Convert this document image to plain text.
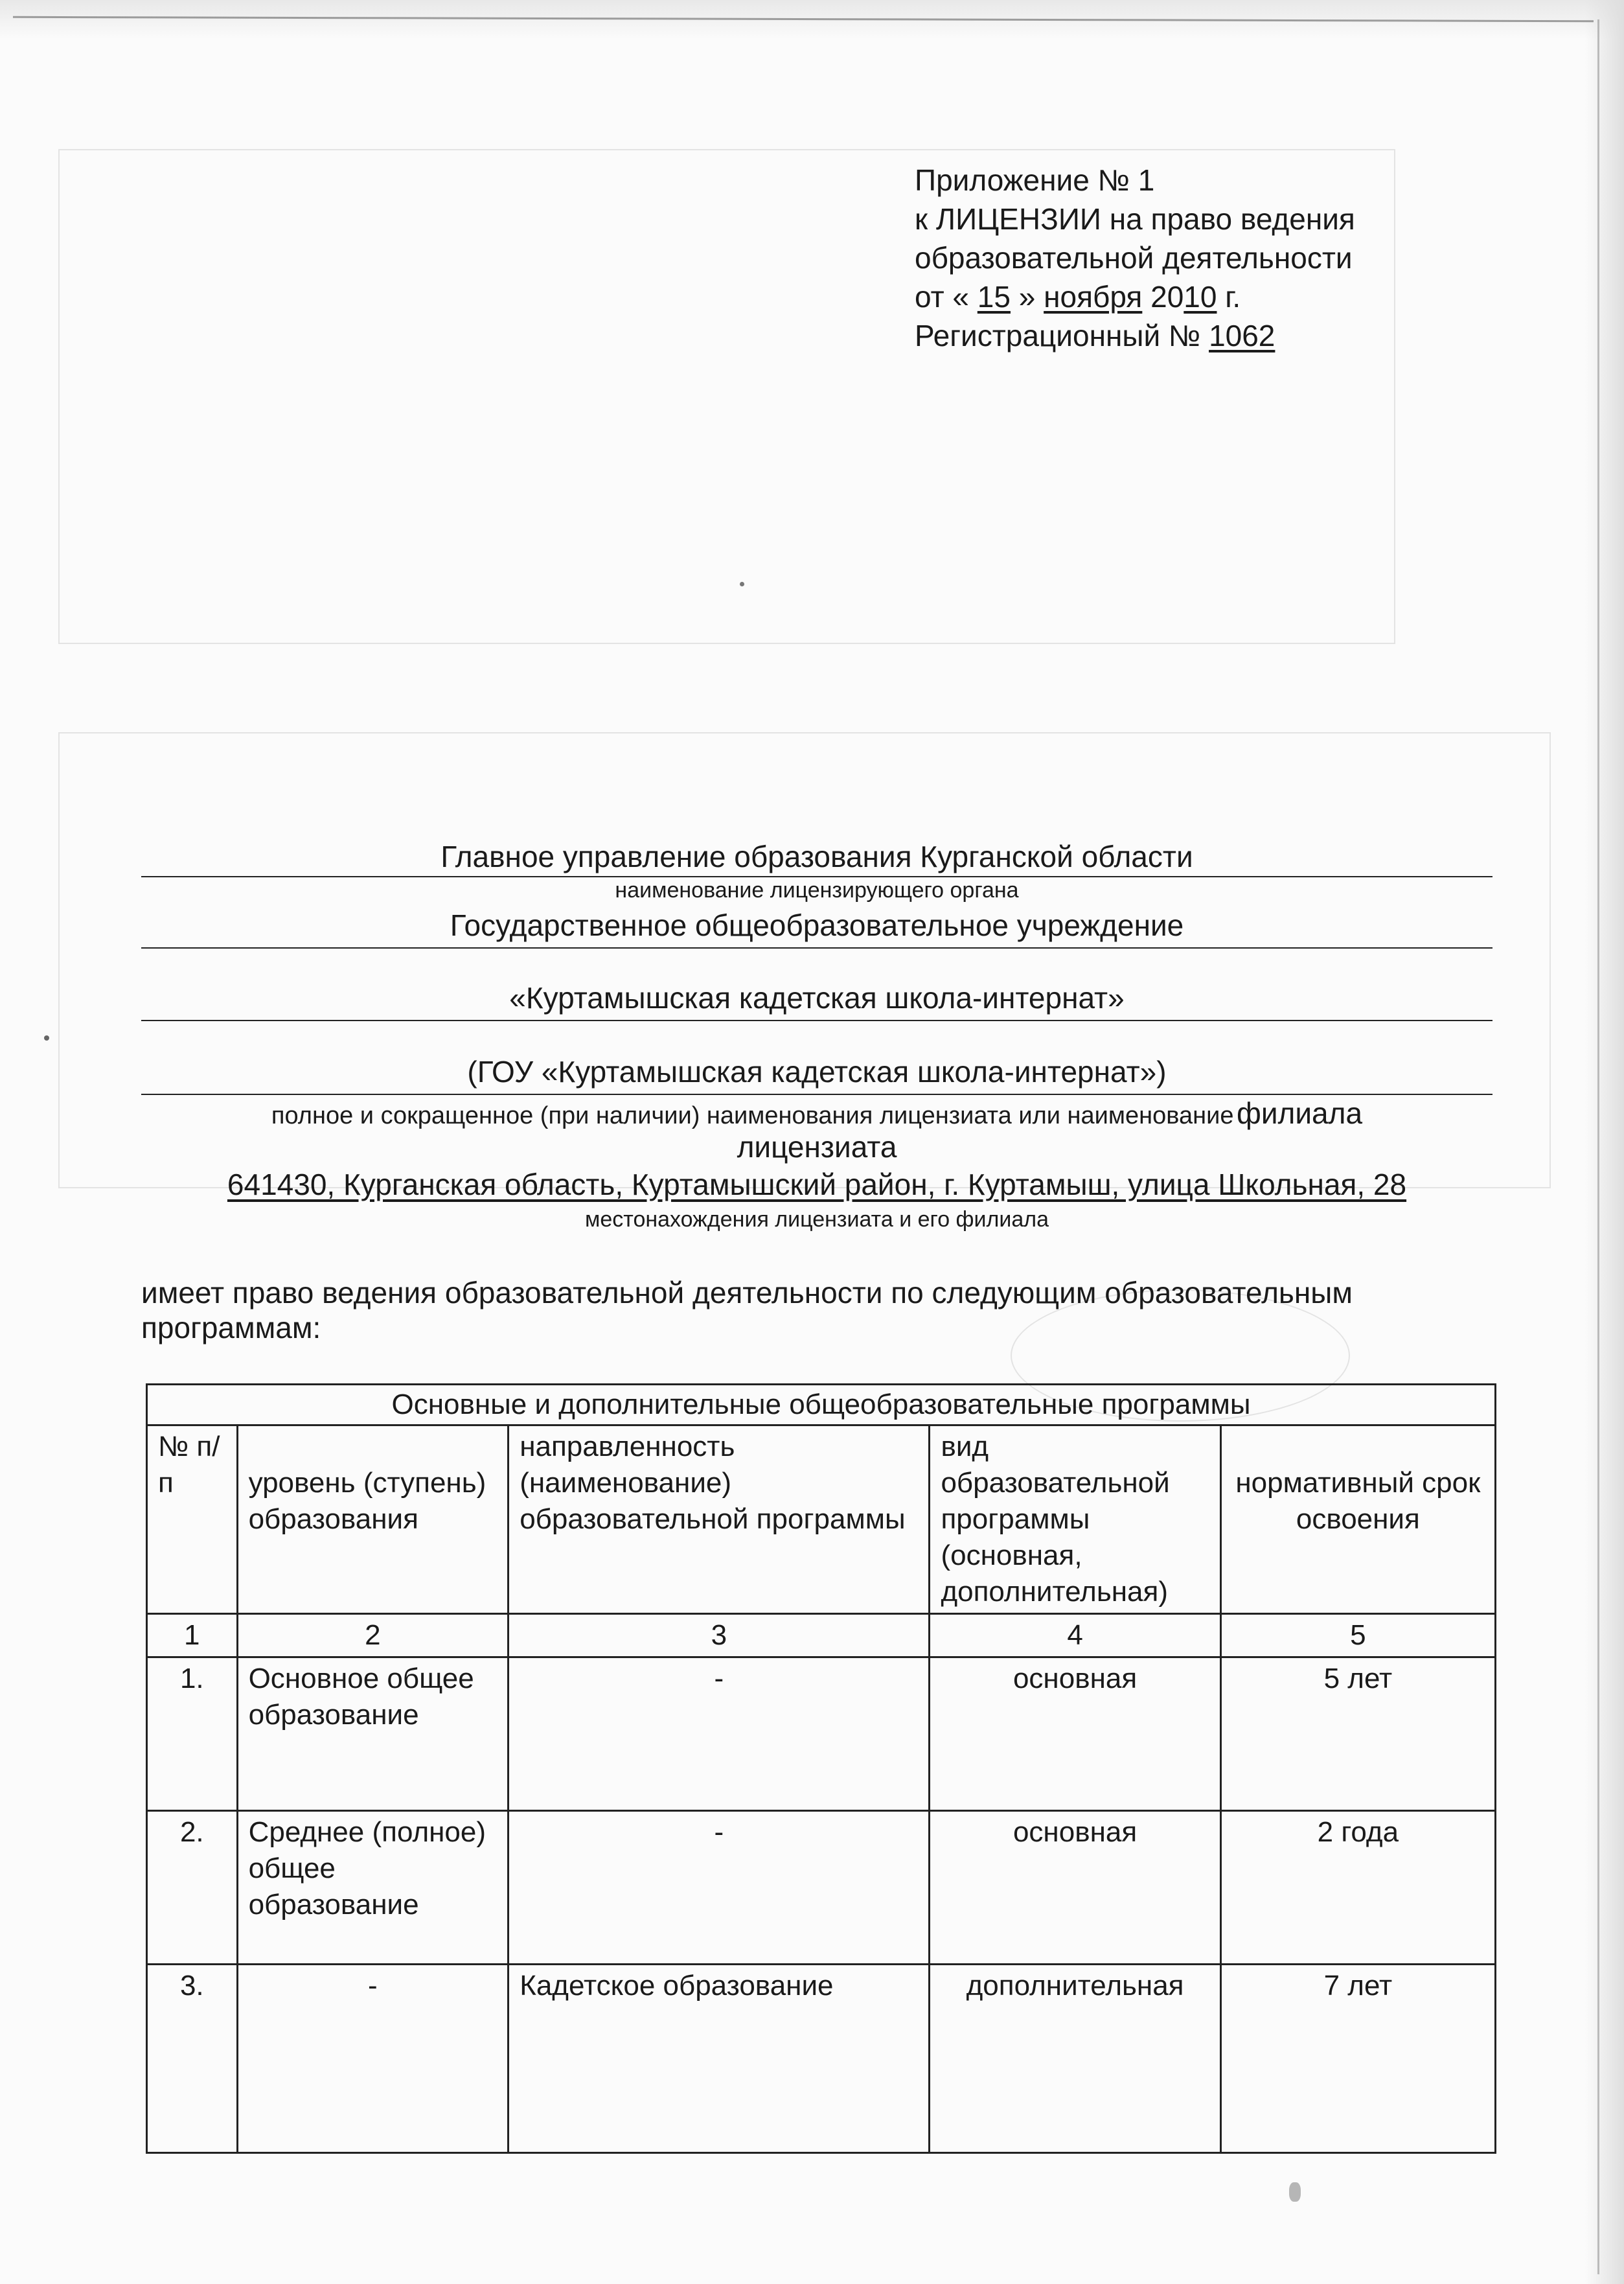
Приложение № 1
к ЛИЦЕНЗИИ на право ведения
образовательной деятельности
от « 15 » ноября 2010 г.
Регистрационный № 1062
Главное управление образования Курганской области
наименование лицензирующего органа
Государственное общеобразовательное учреждение
«Куртамышская кадетская школа-интернат»
(ГОУ «Куртамышская кадетская школа-интернат»)
полное и сокращенное (при наличии) наименования лицензиата или наименование филиала
лицензиата
641430, Курганская область, Куртамышский район, г. Куртамыш, улица Школьная, 28
местонахождения лицензиата и его филиала
имеет право ведения образовательной деятельности по следующим образовательным программам:
Основные и дополнительные общеобразовательные программы				
№ п/п	уровень (ступень) образования	направленность (наименование) образовательной программы	вид образовательной программы (основная, дополнительная)	нормативный срок освоения
1	2	3	4	5
1.	Основное общее образование	-	основная	5 лет
2.	Среднее (полное) общее образование	-	основная	2 года
3.	-	Кадетское образование	дополнительная	7 лет
